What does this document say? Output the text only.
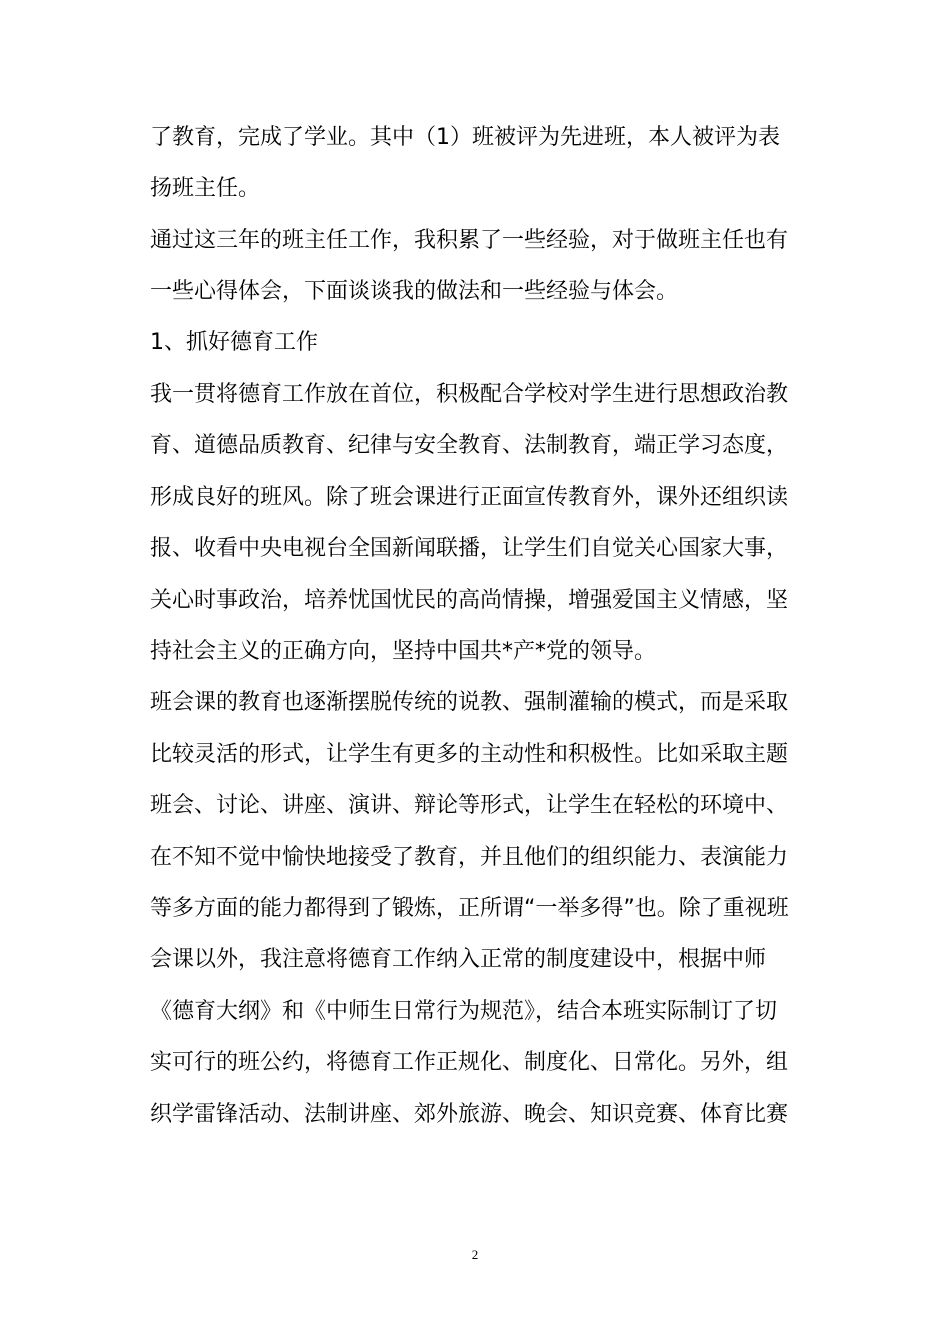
了教育，完成了学业。其中（1）班被评为先进班，本人被评为表
扬班主任。
通过这三年的班主任工作，我积累了一些经验，对于做班主任也有
一些心得体会，下面谈谈我的做法和一些经验与体会。
1、抓好德育工作
我一贯将德育工作放在首位，积极配合学校对学生进行思想政治教
育、道德品质教育、纪律与安全教育、法制教育，端正学习态度，
形成良好的班风。除了班会课进行正面宣传教育外，课外还组织读
报、收看中央电视台全国新闻联播，让学生们自觉关心国家大事，
关心时事政治，培养忧国忧民的高尚情操，增强爱国主义情感，坚
持社会主义的正确方向，坚持中国共*产*党的领导。
班会课的教育也逐渐摆脱传统的说教、强制灌输的模式，而是采取
比较灵活的形式，让学生有更多的主动性和积极性。比如采取主题
班会、讨论、讲座、演讲、辩论等形式，让学生在轻松的环境中、
在不知不觉中愉快地接受了教育，并且他们的组织能力、表演能力
等多方面的能力都得到了锻炼，正所谓“一举多得”也。除了重视班
会课以外，我注意将德育工作纳入正常的制度建设中，根据中师
《德育大纲》和《中师生日常行为规范》，结合本班实际制订了切
实可行的班公约，将德育工作正规化、制度化、日常化。另外，组
织学雷锋活动、法制讲座、郊外旅游、晚会、知识竞赛、体育比赛
2
